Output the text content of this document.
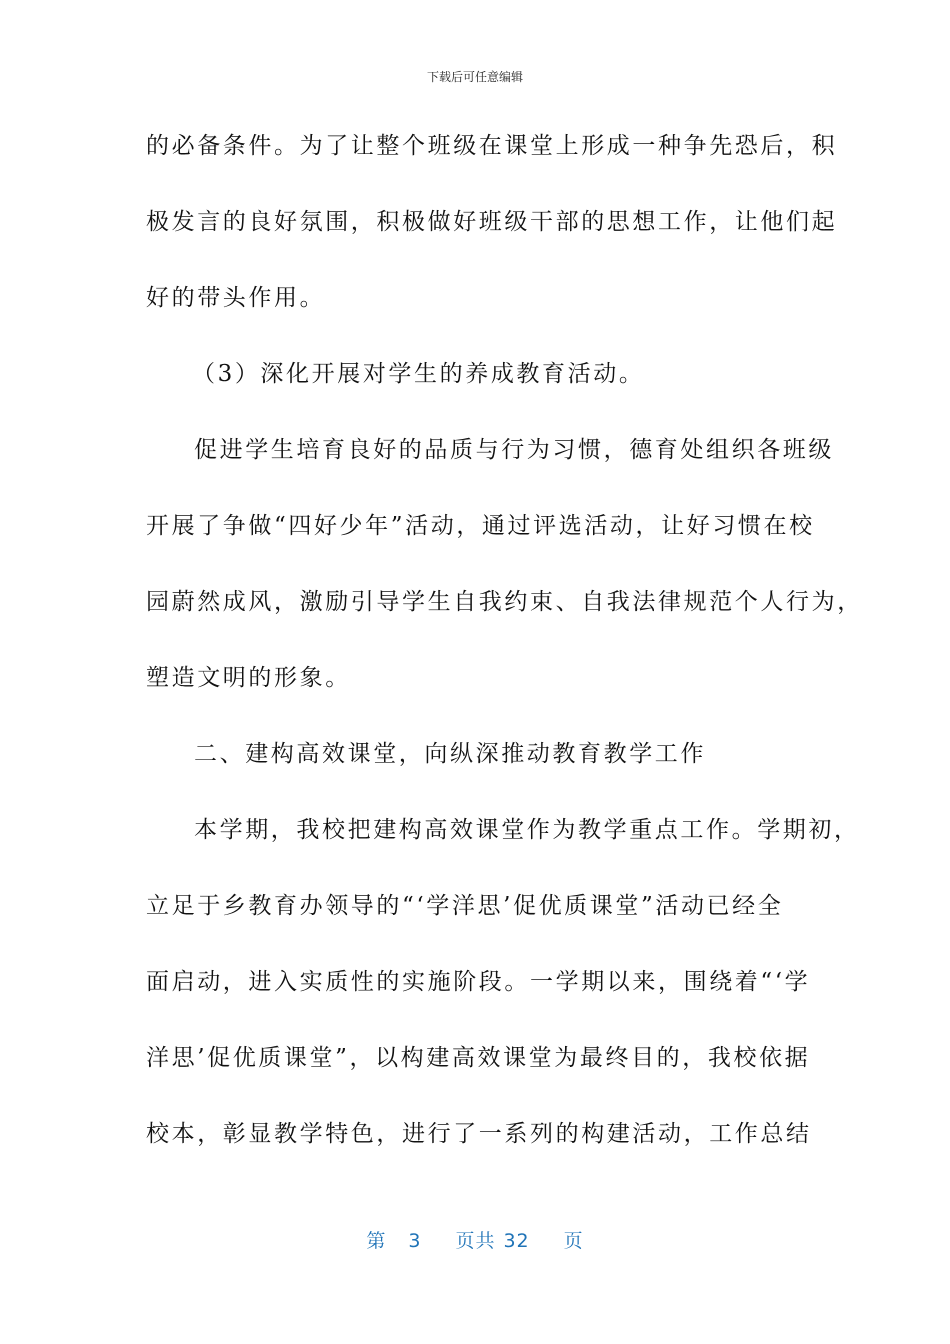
下载后可任意编辑
的必备条件。为了让整个班级在课堂上形成一种争先恐后，积
极发言的良好氛围，积极做好班级干部的思想工作，让他们起
好的带头作用。
（3）深化开展对学生的养成教育活动。
促进学生培育良好的品质与行为习惯，德育处组织各班级
开展了争做“四好少年”活动，通过评选活动，让好习惯在校
园蔚然成风，激励引导学生自我约束、自我法律规范个人行为，
塑造文明的形象。
二、建构高效课堂，向纵深推动教育教学工作
本学期，我校把建构高效课堂作为教学重点工作。学期初，
立足于乡教育办领导的“‘学洋思’促优质课堂”活动已经全
面启动，进入实质性的实施阶段。一学期以来，围绕着“‘学
洋思’促优质课堂”，以构建高效课堂为最终目的，我校依据
校本，彰显教学特色，进行了一系列的构建活动，工作总结
第 3 页共 32 页
